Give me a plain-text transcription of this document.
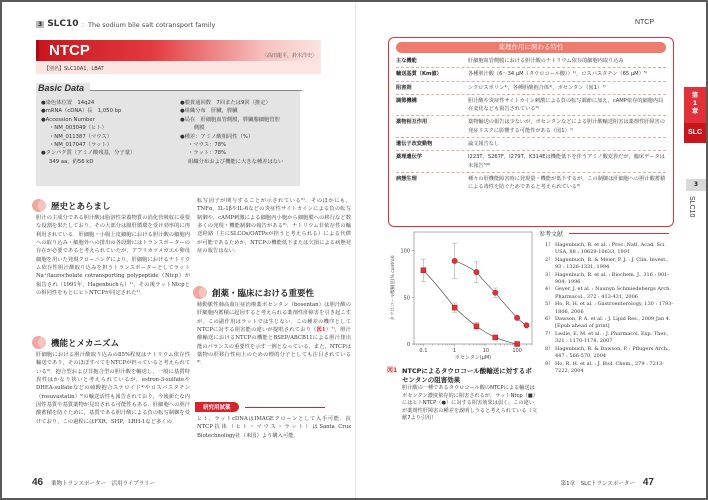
3 SLC10 ：The sodium bile salt cotransport family
NTCP	〈高田龍平，鈴木洋史〉
【別名】SLC10A1，LBAT
Basic Data
●染色体位置　14q24
●mRNA（cDNA）長　1,050 bp
●Accession Number
・NM_003049（ヒト）
・NM_011387（マウス）
・NM_017047（ラット）
●タンパク質（アミノ酸残基，分子量）
349 aa，約56 kD
●膜貫通回数　7回または9回（推定）
●組織分布　肝臓，膵臓
●局在　肝細胞血管側膜，膵臓腺細胞管腔
側膜
●種差：アミノ酸相同性（%）
・マウス：78%
・ラット：78%
組織分布および機能に大きな種差はない
歴史とあらまし
胆汁の主成分である胆汁酸は脂溶性栄養物質の消化管吸収に重要な役割を果たしており，その大部分は腸肝循環を受け効率的に再利用されている．肝細胞・小腸上皮細胞における胆汁酸の細胞内への取り込み・細胞外への排出の各段階にはトランスポーターの存在が必要であると考えられていたが，アフリカツメガエル卵母細胞を用いた発現クローニングにより，肝細胞におけるナトリウム依存性胆汁酸取り込みを担うトランスポーターとしてラットNa⁺/taurocholate cotransporting polypeptide（Ntcp）が報告され（1991年，Hagenbuchら）¹⁾，その後ラットNtcpとの相同性をもとにヒトNTCPが同定された²⁾．
機能とメカニズム
肝細胞における胆汁酸取り込みの85%程度はナトリウム依存性輸送であり，そのほぼすべてをNTCPが担っていると考えられている³⁾．抱合型および非抱合型の胆汁酸を輸送し，一般に基質特異性はかなり狭いと考えられているが，estron-3-sulfateやDHEA-sulfateなどの硫酸抱合ステロイド⁴⁾やロスバスタチン（rosuvastatin）⁵⁾の輸送活性も報告されており，今後新たな内因性基質や基質薬物が見出される可能性もある．肝細胞への胆汁酸蓄積を防ぐために，基質である胆汁酸による負の転写制御を受けており，この過程にはFXR，SHP，LRH-1など多くの
転写因子が関与することが示されている⁶⁾．そのほかにも，TNFα，IL-1βやIL-6などの炎症性サイトカインによる負の転写制御や，cAMP刺激による細胞内小胞から細胞膜への移行など数多くの発現・機能制御の報告がある⁶⁾．ナトリウム非依存性の輸送経路（主にSLCOs/OATPsが担うと考えられる）による代償が可能であるためか，NTCPの機能低下または欠損による病態発症の報告はない．
創薬・臨床における重要性
肺動脈性肺高血圧症治療薬ボセンタン（bosentan）は胆汁酸の肝細胞内蓄積に起因すると考えられる薬剤性肝障害を引き起こすが，この副作用はラットでは生じない．この種差の機序としてNTCPに対する阻害能の違いが提唱されており（図1）⁷⁾，胆汁酸輸送におけるNTCPの機能とBSEP/ABCB11による胆汁排出能のバランスの重要性を示す一例となっている．また，NTCPは薬物の肝移行性向上のための標的分子としても注目されている⁸⁾．
研究用試薬
ヒト，ラットcDNAはIMAGEクローンとして入手可能．抗NTCP抗体（ヒト・マウス・ラット）はSanta Cruz Biotechnology社（米国）より購入可能．
46 薬物トランスポーター　活用ライブラリー
NTCP
薬理作用に関わる特性
主な機能	肝細胞血管側膜における胆汁酸のナトリウム依存的細胞内取り込み
輸送基質（Km値）	各種胆汁酸（6～34 μM（タウロコール酸））¹⁾，ロスバスタチン（65 μM）⁵⁾
阻害剤	シクロスポリン⁴⁾，各種胆酸抱合体⁴⁾，ボセンタン（図1）⁷⁾
調節機構	胆汁酸や炎症性サイトカイン刺激による負の転写調節に加え，cAMP依存的細胞内局在変化なども報告されている⁶⁾
薬物相互作用	薬物輸送の報告は少ないが，ボセンタンなどによる胆汁酸輸送阻害は薬剤性肝障害の発症リスクに影響する可能性がある（図1）⁷⁾
遺伝子改変動物	論文報告なし
薬理遺伝学	I223T，S267F，I279T，K314Eは機能低下を伴うアミノ酸変異だが，臨床データは未報告⁵⁾⁹⁾
病態生理	種々の肝機能障害時に発現量・機能が低下するが，この制御は肝細胞への胆汁酸蓄積による毒性を防ぐためであると考えられている⁶⁾
第
1
章
SLC
3
SLC10
0
50
100
0.1	1	10	100
ボセンタン(μM)
タウロコール酸輸送(% control)
図1 NTCPによるタウロコール酸輸送に対するボセンタンの阻害効果
胆汁酸の一種であるタウロコール酸のNTCPによる輸送はボセンタン濃度依存的に阻害されるが，ラットNtcp（■）にはヒトNTCP（●）に対する阻害効果は弱く，この違いが薬剤性肝障害の種差を説明しうると考えられている（文献7より引用）
参考文献
1） Hagenbuch, B. et al. : Proc. Natl. Acad. Sci. USA, 88 : 10629-10633, 1991
2） Hagenbuch, B. & Meier, P. J. : J. Clin. Invest., 93 : 1326-1331, 1994
3） Hagenbuch, B. et al. : Biochem. J., 316 : 901-904, 1996
4） Geyer, J. et al. : Naunyn Schmiedebergs Arch. Pharmacol., 372 : 413-431, 2006
5） Ho, R. H. et al. : Gastroenterology, 130 : 1793-1806, 2006
6） Dawson, P. A. et al. : J. Lipid Res., 2009 Jan 4. [Epub ahead of print]
7） Leslie, E. M. et al. : J. Pharmacol. Exp. Ther., 321 : 1170-1178, 2007
8） Hagenbuch, B. & Dawson, P. : Pflugers Arch., 447 : 566-570, 2004
9） Ho, R. H. et al. : J. Biol. Chem., 279 : 7213-7222, 2004
第1章　SLCトランスポーター 47
